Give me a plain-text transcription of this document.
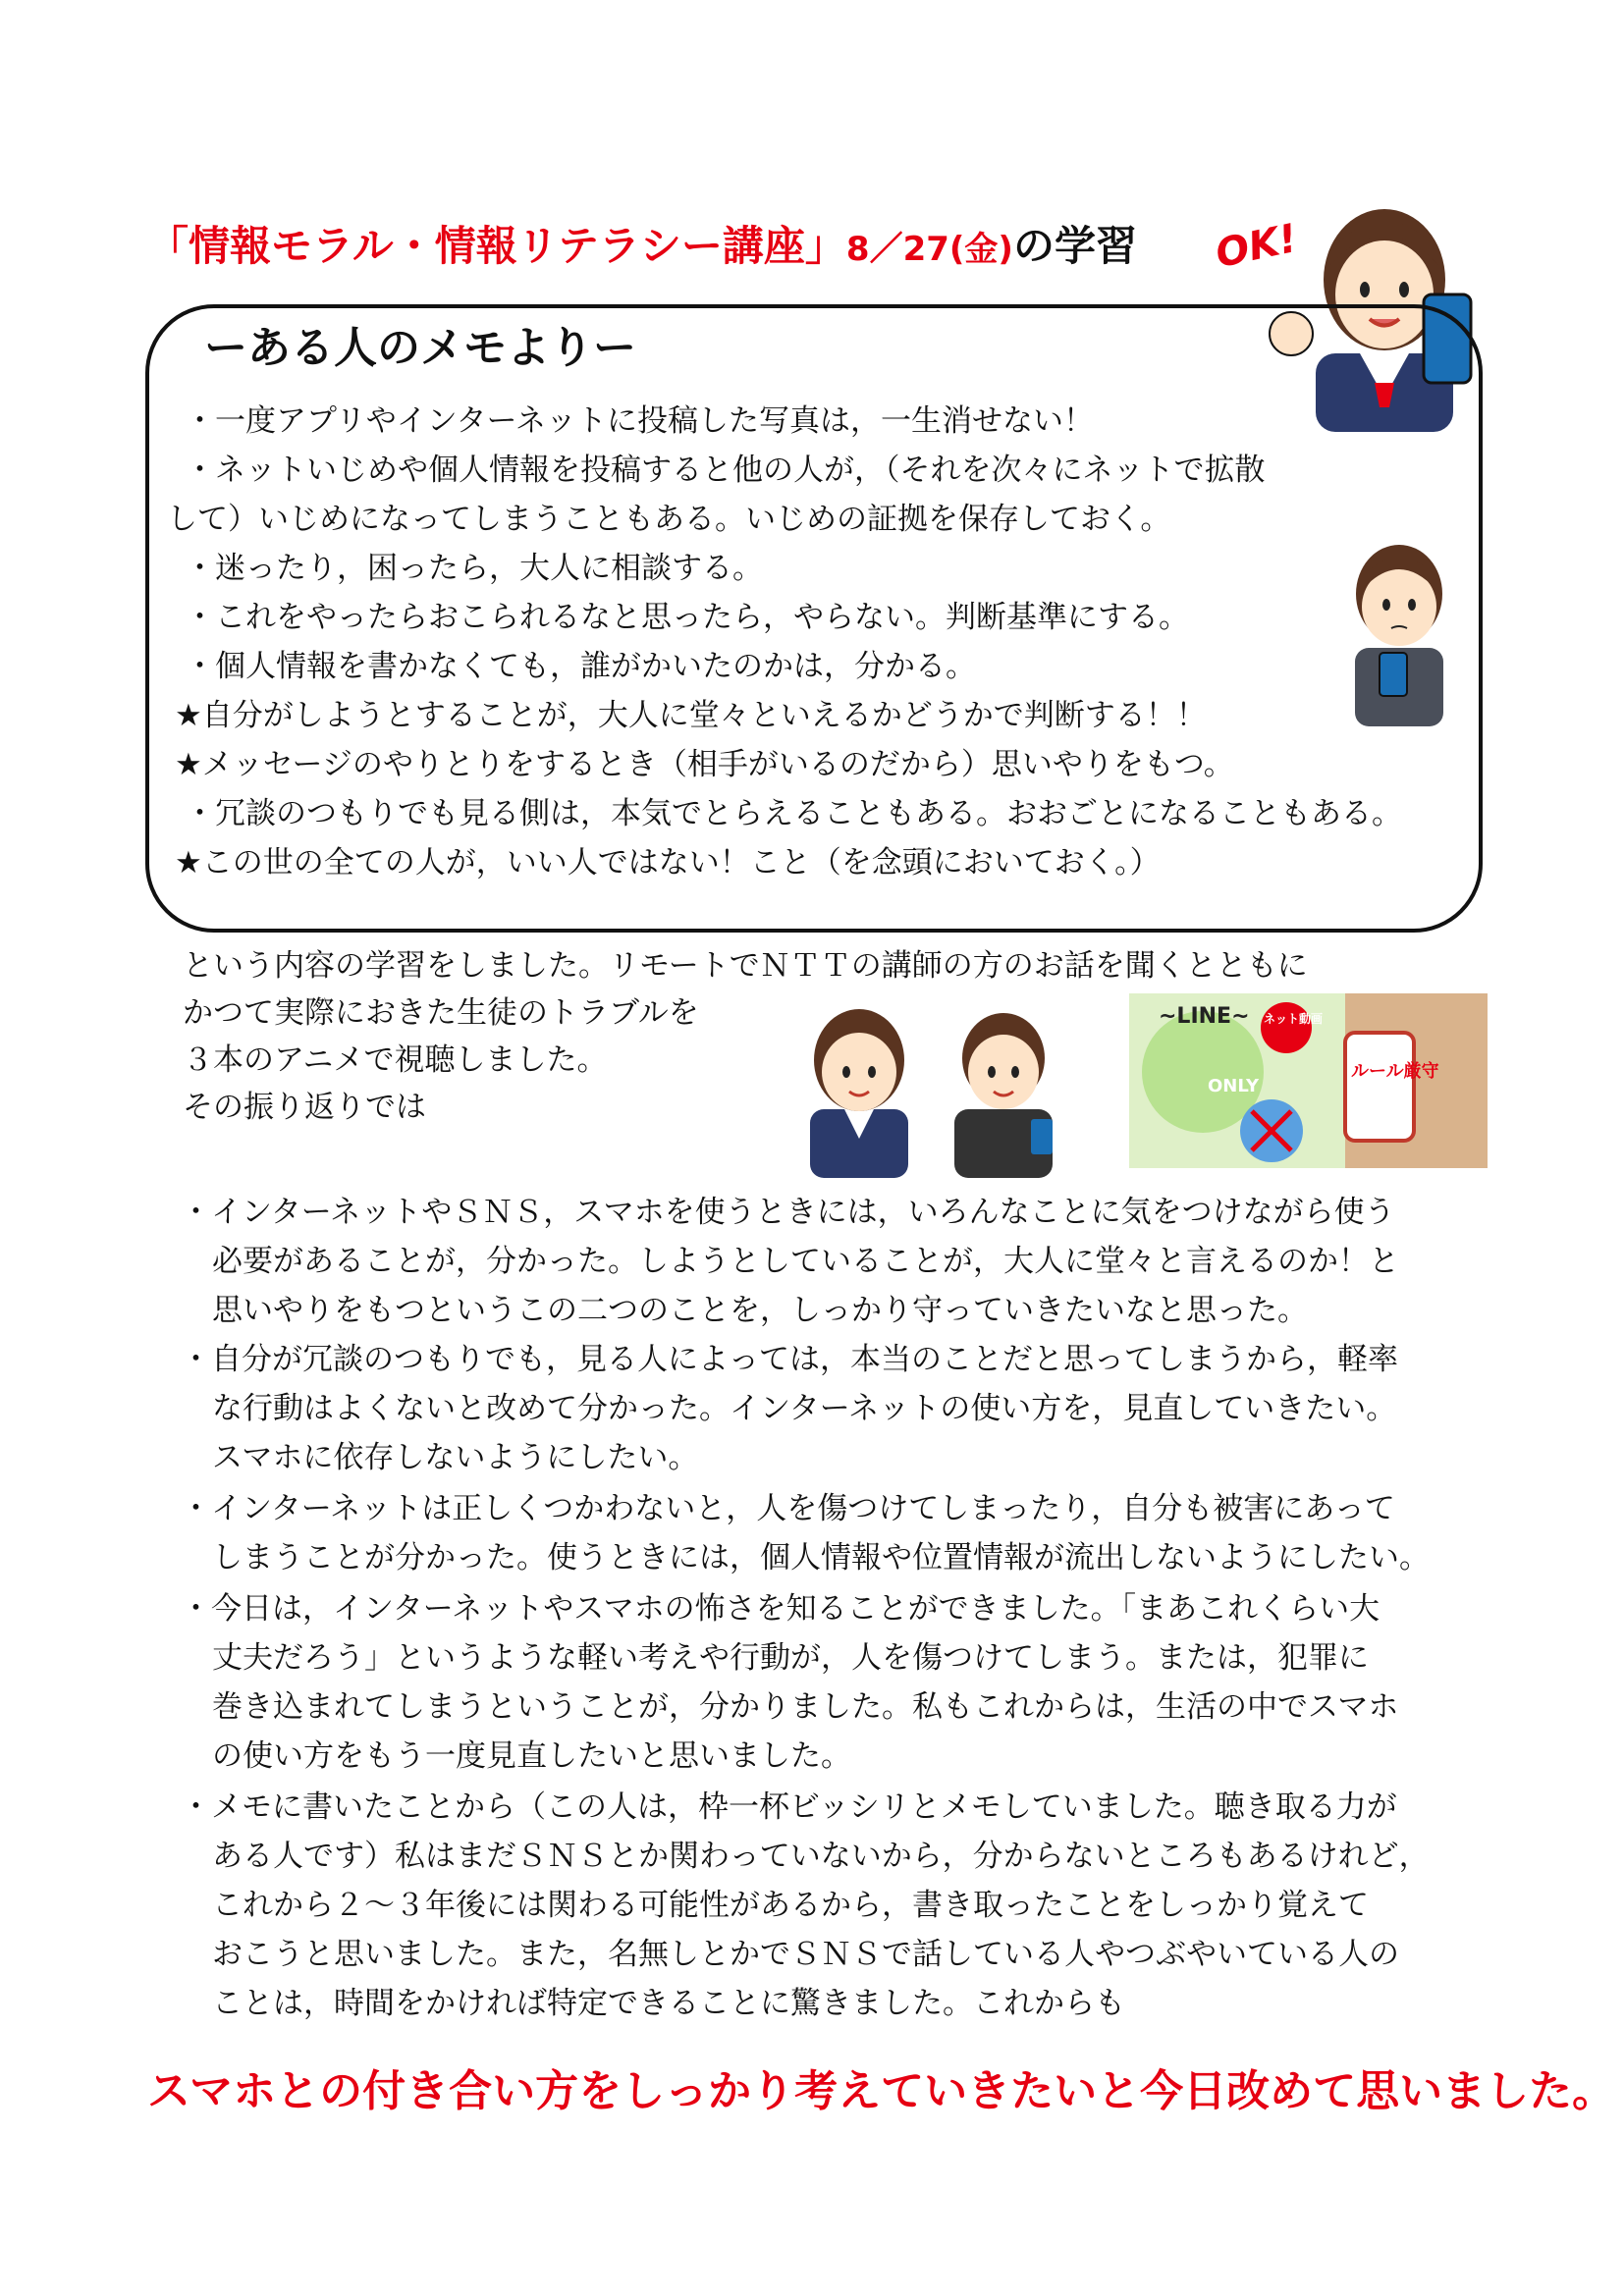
「情報モラル・情報リテラシー講座」8／27(金)の学習 OK!
ーある人のメモよりー
・一度アプリやインターネットに投稿した写真は，一生消せない！
・ネットいじめや個人情報を投稿すると他の人が，（それを次々にネットで拡散
して）いじめになってしまうこともある。いじめの証拠を保存しておく。
・迷ったり，困ったら，大人に相談する。
・これをやったらおこられるなと思ったら，やらない。判断基準にする。
・個人情報を書かなくても，誰がかいたのかは，分かる。
★自分がしようとすることが，大人に堂々といえるかどうかで判断する！！
★メッセージのやりとりをするとき（相手がいるのだから）思いやりをもつ。
・冗談のつもりでも見る側は，本気でとらえることもある。おおごとになることもある。
★この世の全ての人が，いい人ではない！こと（を念頭においておく。）
という内容の学習をしました。リモートでＮＴＴの講師の方のお話を聞くとともに
かつて実際におきた生徒のトラブルを
３本のアニメで視聴しました。
その振り返りでは
~LINE~
ONLY
ネット動画
ルール厳守
・インターネットやＳＮＳ，スマホを使うときには，いろんなことに気をつけながら使う
必要があることが，分かった。しようとしていることが，大人に堂々と言えるのか！と
思いやりをもつというこの二つのことを，しっかり守っていきたいなと思った。
・自分が冗談のつもりでも，見る人によっては，本当のことだと思ってしまうから，軽率
な行動はよくないと改めて分かった。インターネットの使い方を，見直していきたい。
スマホに依存しないようにしたい。
・インターネットは正しくつかわないと，人を傷つけてしまったり，自分も被害にあって
しまうことが分かった。使うときには，個人情報や位置情報が流出しないようにしたい。
・今日は，インターネットやスマホの怖さを知ることができました。「まあこれくらい大
丈夫だろう」というような軽い考えや行動が，人を傷つけてしまう。または，犯罪に
巻き込まれてしまうということが，分かりました。私もこれからは，生活の中でスマホ
の使い方をもう一度見直したいと思いました。
・メモに書いたことから（この人は，枠一杯ビッシリとメモしていました。聴き取る力が
ある人です）私はまだＳＮＳとか関わっていないから，分からないところもあるけれど，
これから２～３年後には関わる可能性があるから，書き取ったことをしっかり覚えて
おこうと思いました。また，名無しとかでＳＮＳで話している人やつぶやいている人の
ことは，時間をかければ特定できることに驚きました。これからも
スマホとの付き合い方をしっかり考えていきたいと今日改めて思いました。
